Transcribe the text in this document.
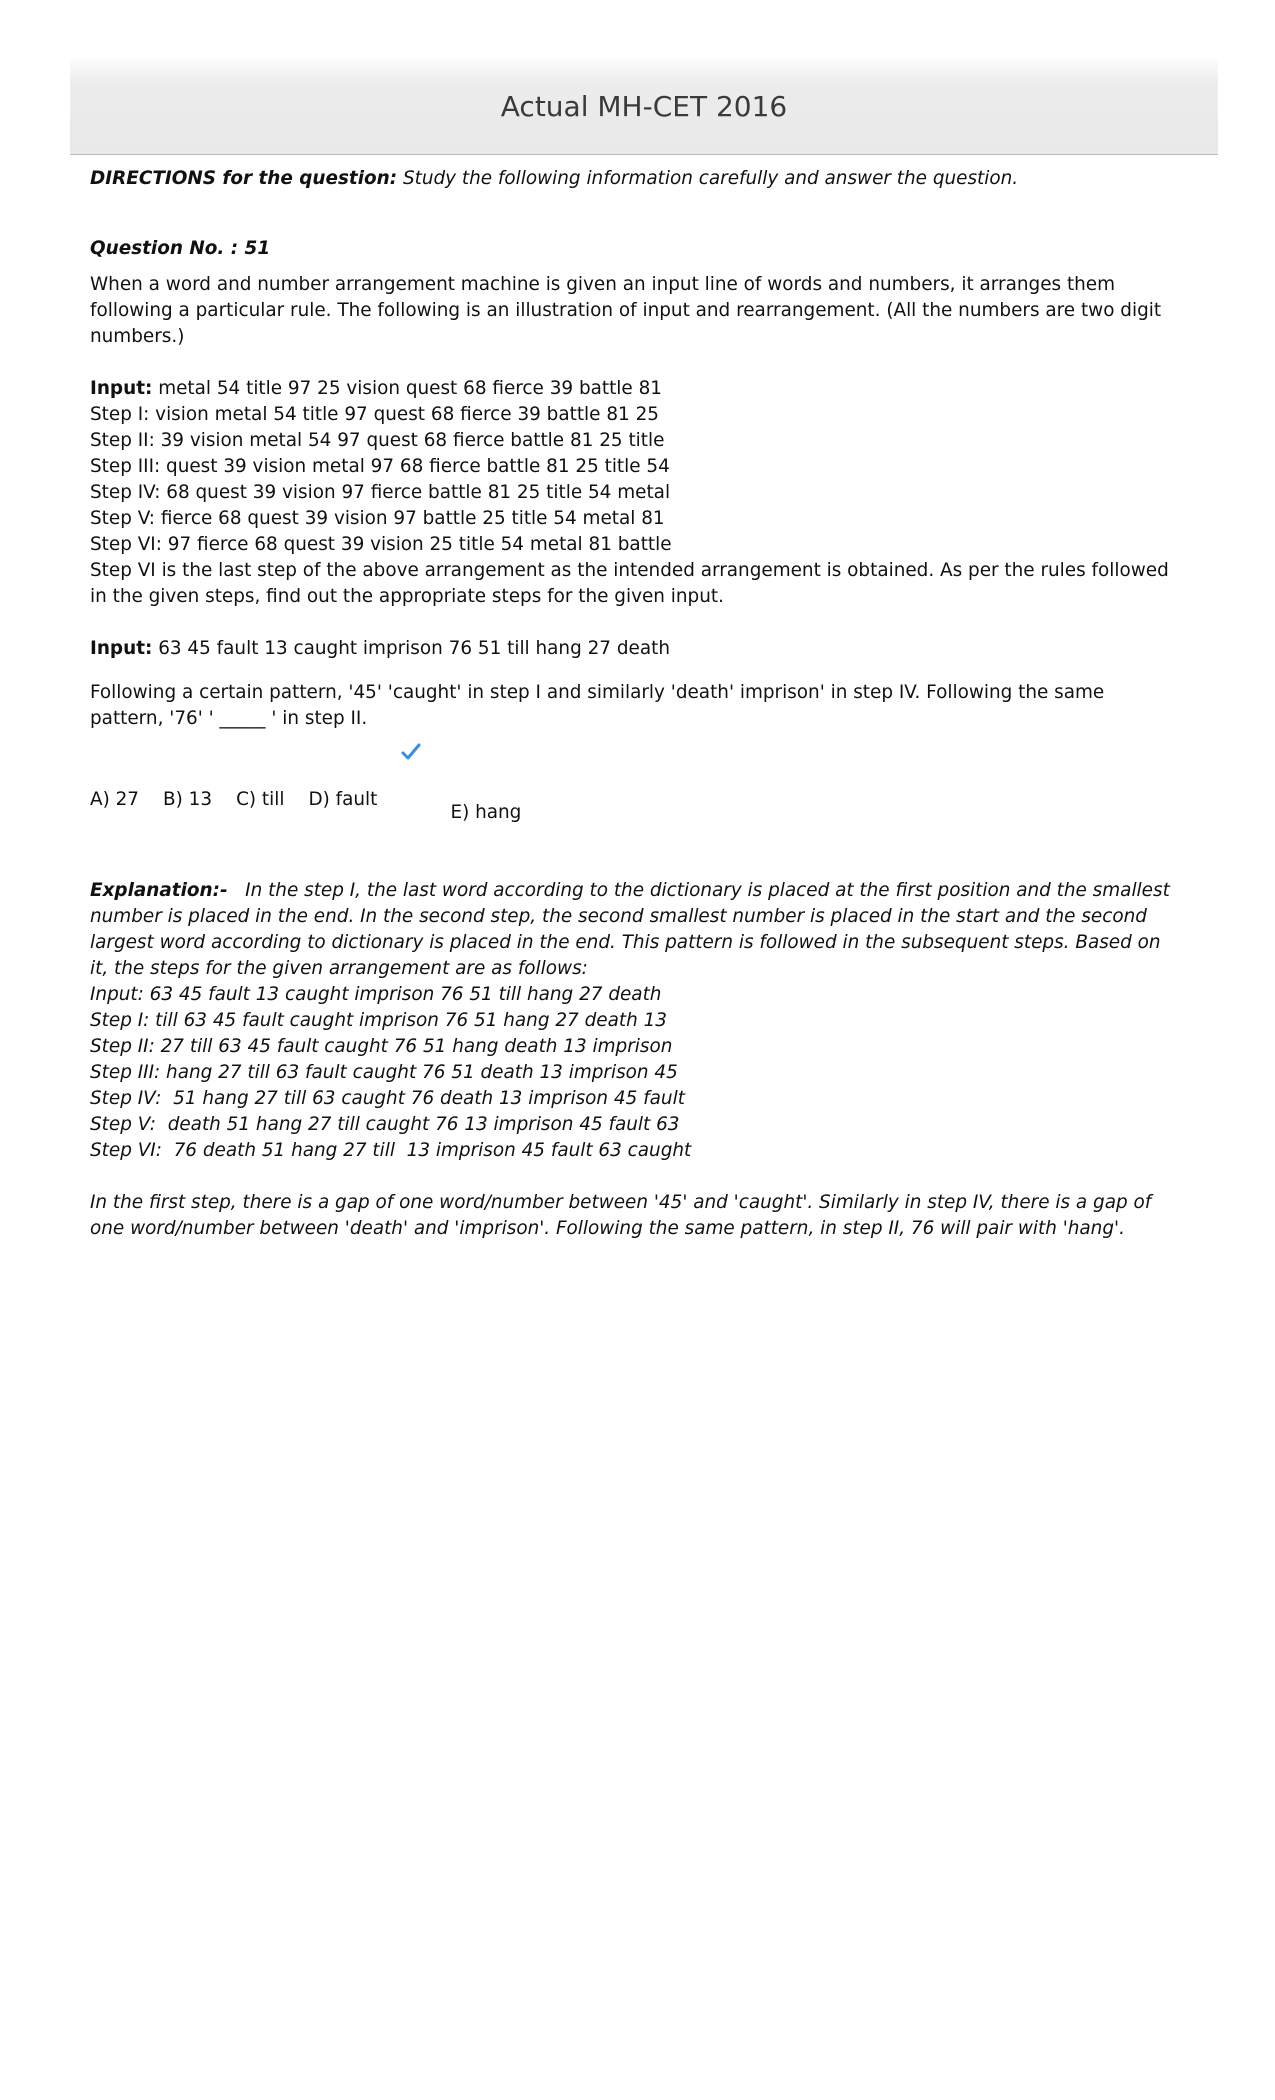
Actual MH-CET 2016

DIRECTIONS for the question: Study the following information carefully and answer the question.

Question No. : 51

When a word and number arrangement machine is given an input line of words and numbers, it arranges them following a particular rule. The following is an illustration of input and rearrangement. (All the numbers are two digit numbers.)

Input: metal 54 title 97 25 vision quest 68 fierce 39 battle 81
Step I: vision metal 54 title 97 quest 68 fierce 39 battle 81 25
Step II: 39 vision metal 54 97 quest 68 fierce battle 81 25 title
Step III: quest 39 vision metal 97 68 fierce battle 81 25 title 54
Step IV: 68 quest 39 vision 97 fierce battle 81 25 title 54 metal
Step V: fierce 68 quest 39 vision 97 battle 25 title 54 metal 81
Step VI: 97 fierce 68 quest 39 vision 25 title 54 metal 81 battle
Step VI is the last step of the above arrangement as the intended arrangement is obtained. As per the rules followed in the given steps, find out the appropriate steps for the given input.
Input: 63 45 fault 13 caught imprison 76 51 till hang 27 death

Following a certain pattern, '45' 'caught' in step I and similarly 'death' imprison' in step IV. Following the same pattern, '76' ' _____ ' in step II.

A) 27 B) 13 C) till D) fault

E) hang

Explanation:-   In the step I, the last word according to the dictionary is placed at the first position and the smallest number is placed in the end. In the second step, the second smallest number is placed in the start and the second largest word according to dictionary is placed in the end. This pattern is followed in the subsequent steps. Based on it, the steps for the given arrangement are as follows:

Input: 63 45 fault 13 caught imprison 76 51 till hang 27 death
Step I: till 63 45 fault caught imprison 76 51 hang 27 death 13
Step II: 27 till 63 45 fault caught 76 51 hang death 13 imprison
Step III: hang 27 till 63 fault caught 76 51 death 13 imprison 45
Step IV:  51 hang 27 till 63 caught 76 death 13 imprison 45 fault
Step V:  death 51 hang 27 till caught 76 13 imprison 45 fault 63
Step VI:  76 death 51 hang 27 till  13 imprison 45 fault 63 caught

In the first step, there is a gap of one word/number between '45' and 'caught'. Similarly in step IV, there is a gap of one word/number between 'death' and 'imprison'. Following the same pattern, in step II, 76 will pair with 'hang'.
